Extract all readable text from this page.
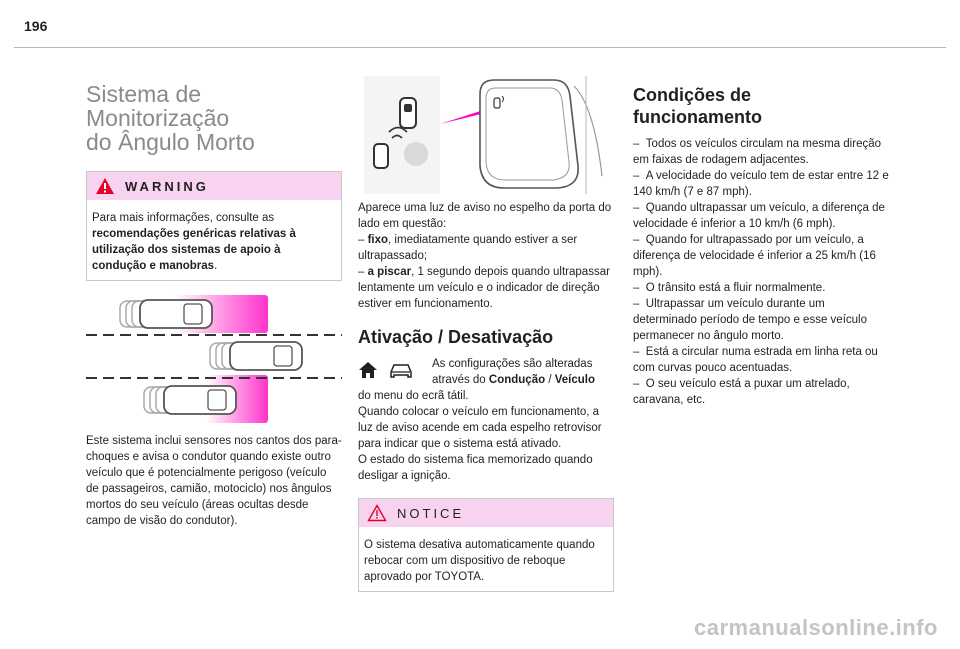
196
Sistema de Monitorização
do Ângulo Morto
WARNING
Para mais informações, consulte as recomendações genéricas relativas à utilização dos sistemas de apoio à condução e manobras.

Este sistema inclui sensores nos cantos dos para-choques e avisa o condutor quando existe outro veículo que é potencialmente perigoso (veículo de passageiros, camião, motociclo) nos ângulos mortos do seu veículo (áreas ocultas desde campo de visão do condutor).

Aparece uma luz de aviso no espelho da porta do lado em questão:

– fixo, imediatamente quando estiver a ser ultrapassado;

– a piscar, 1 segundo depois quando ultrapassar lentamente um veículo e o indicador de direção estiver em funcionamento.

Ativação / Desativação

As configurações são alteradas através do Condução / Veículo

do menu do ecrã tátil.

Quando colocar o veículo em funcionamento, a luz de aviso acende em cada espelho retrovisor para indicar que o sistema está ativado.

O estado do sistema fica memorizado quando desligar a ignição.

NOTICE
O sistema desativa automaticamente quando rebocar com um dispositivo de reboque aprovado por TOYOTA.
Condições de
funcionamento

– Todos os veículos circulam na mesma direção em faixas de rodagem adjacentes.

– A velocidade do veículo tem de estar entre 12 e 140 km/h (7 e 87 mph).

– Quando ultrapassar um veículo, a diferença de velocidade é inferior a 10 km/h (6 mph).

– Quando for ultrapassado por um veículo, a diferença de velocidade é inferior a 25 km/h (16 mph).

– O trânsito está a fluir normalmente.

– Ultrapassar um veículo durante um determinado período de tempo e esse veículo permanecer no ângulo morto.

– Está a circular numa estrada em linha reta ou com curvas pouco acentuadas.

– O seu veículo está a puxar um atrelado, caravana, etc.

carmanualsonline.info
